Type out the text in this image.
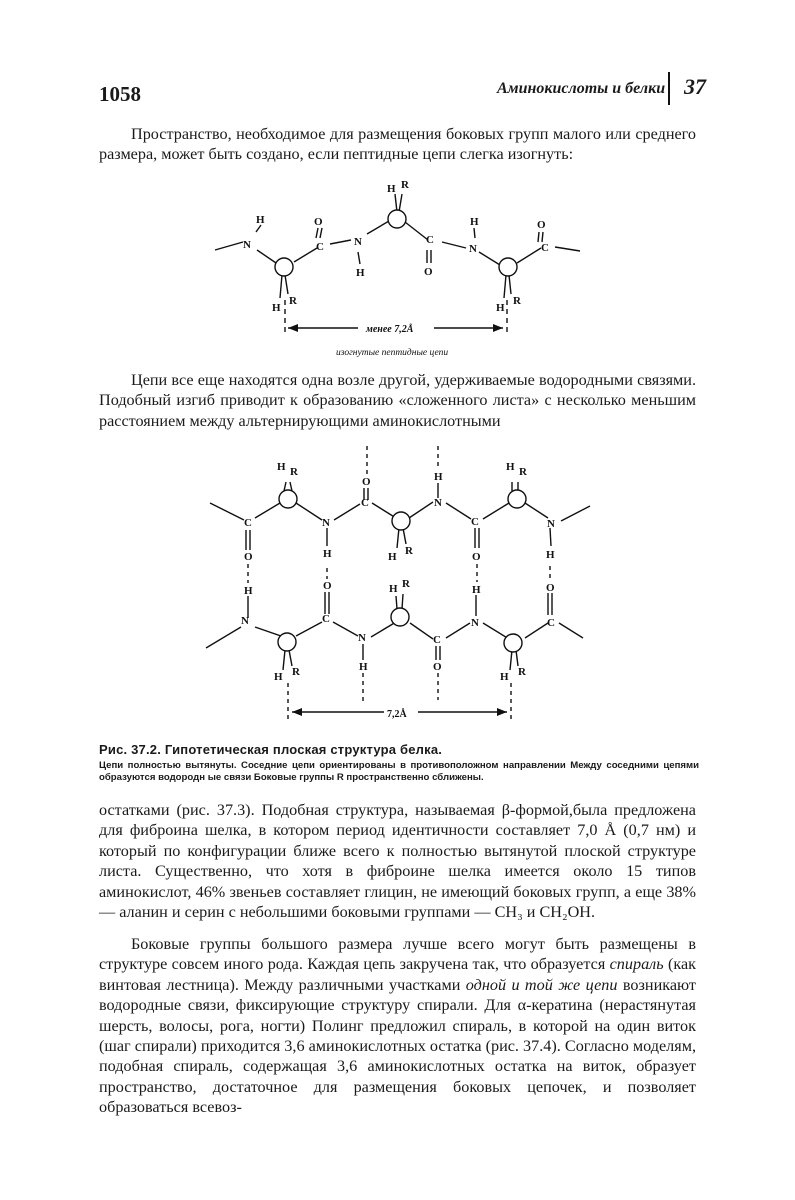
1058	Аминокислоты и белки 37

Пространство, необходимое для размещения боковых групп малого или среднего размера, может быть создано, если пептидные цепи слегка изогнуть:

N
H
C
O
N
H
C
O
N
H
C
O
H R
H
R
H
R
менее 7,2Å
изогнутые пептидные цепи

Цепи все еще находятся одна возле другой, удерживаемые водородными связями. Подобный изгиб приводит к образованию «сложенного листа» с несколько меньшим расстоянием между альтернирующими аминокислотными

C
O
H
N
N
H
O
C
C
O
N
H
C
O
H
N
N
H
O
C
N
H
C
O
H R	H R
H R
H R
H R	H R
7,2Å
Рис. 37.2. Гипотетическая плоская структура белка.

Цепи полностью вытянуты. Соседние цепи ориентированы в противоположном направлении Между соседними цепями образуются водородн ые связи Боковые группы R пространственно сближены.

остатками (рис. 37.3). Подобная структура, называемая β-формой,была предложена для фиброина шелка, в котором период идентичности составляет 7,0 Å (0,7 нм) и который по конфигурации ближе всего к полностью вытянутой плоской структуре листа. Существенно, что хотя в фиброине шелка имеется около 15 типов аминокислот, 46% звеньев составляет глицин, не имеющий боковых групп, а еще 38% — аланин и серин с небольшими боковыми группами — CH₃ и CH₂OH.

Боковые группы большого размера лучше всего могут быть размещены в структуре совсем иного рода. Каждая цепь закручена так, что образуется спираль (как винтовая лестница). Между различными участками одной и той же цепи возникают водородные связи, фиксирующие структуру спирали. Для α-кератина (нерастянутая шерсть, волосы, рога, ногти) Полинг предложил спираль, в которой на один виток (шаг спирали) приходится 3,6 аминокислотных остатка (рис. 37.4). Согласно моделям, подобная спираль, содержащая 3,6 аминокислотных остатка на виток, образует пространство, достаточное для размещения боковых цепочек, и позволяет образоваться всевоз-
